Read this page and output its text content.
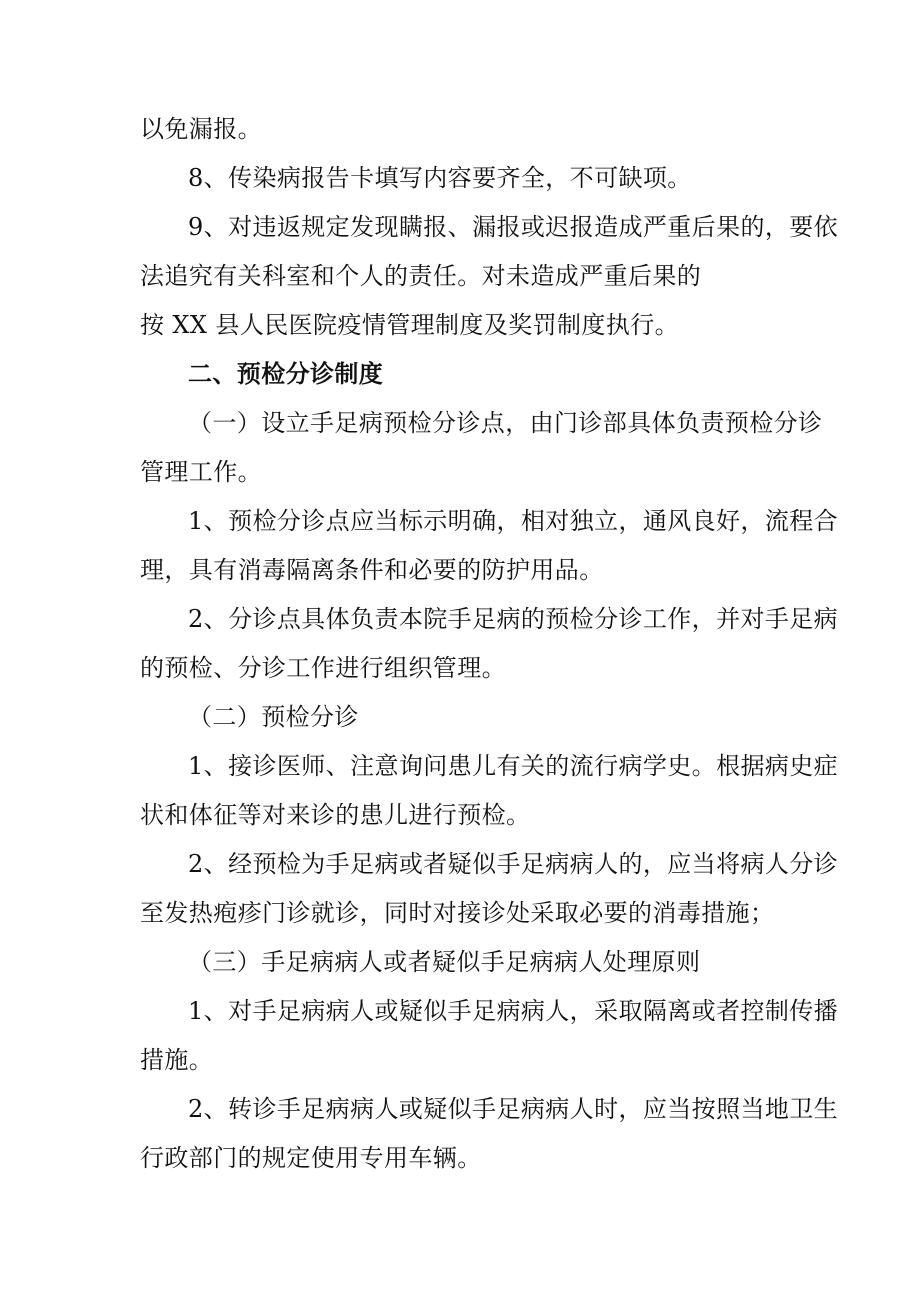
以免漏报。
8、传染病报告卡填写内容要齐全，不可缺项。
9、对违返规定发现瞒报、漏报或迟报造成严重后果的，要依
法追究有关科室和个人的责任。对未造成严重后果的
按 XX 县人民医院疫情管理制度及奖罚制度执行。
二、预检分诊制度
（一）设立手足病预检分诊点，由门诊部具体负责预检分诊
管理工作。
1、预检分诊点应当标示明确，相对独立，通风良好，流程合
理，具有消毒隔离条件和必要的防护用品。
2、分诊点具体负责本院手足病的预检分诊工作，并对手足病
的预检、分诊工作进行组织管理。
（二）预检分诊
1、接诊医师、注意询问患儿有关的流行病学史。根据病史症
状和体征等对来诊的患儿进行预检。
2、经预检为手足病或者疑似手足病病人的，应当将病人分诊
至发热疱疹门诊就诊，同时对接诊处采取必要的消毒措施；
（三）手足病病人或者疑似手足病病人处理原则
1、对手足病病人或疑似手足病病人，采取隔离或者控制传播
措施。
2、转诊手足病病人或疑似手足病病人时，应当按照当地卫生
行政部门的规定使用专用车辆。
